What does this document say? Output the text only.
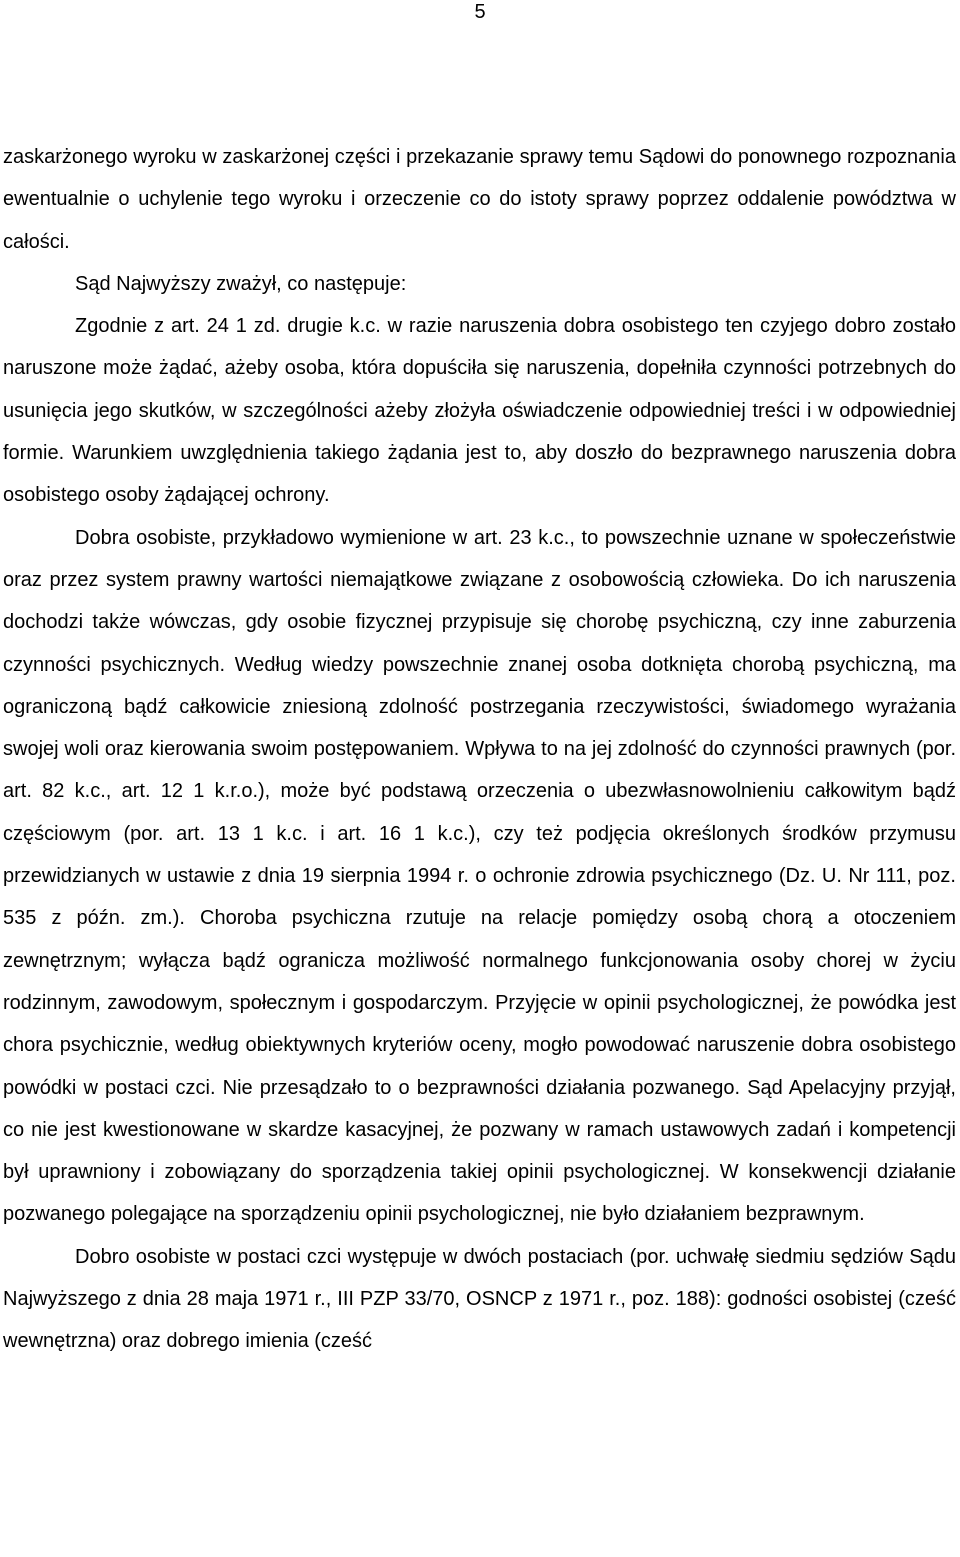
5

zaskarżonego wyroku w zaskarżonej części i przekazanie sprawy temu Sądowi do ponownego rozpoznania ewentualnie o uchylenie tego wyroku i orzeczenie co do istoty sprawy poprzez oddalenie powództwa w całości.

Sąd Najwyższy zważył, co następuje:

Zgodnie z art. 24 1 zd. drugie k.c. w razie naruszenia dobra osobistego ten czyjego dobro zostało naruszone może żądać, ażeby osoba, która dopuściła się naruszenia, dopełniła czynności potrzebnych do usunięcia jego skutków, w szczególności ażeby złożyła oświadczenie odpowiedniej treści i w odpowiedniej formie. Warunkiem uwzględnienia takiego żądania jest to, aby doszło do bezprawnego naruszenia dobra osobistego osoby żądającej ochrony.

Dobra osobiste, przykładowo wymienione w art. 23 k.c., to powszechnie uznane w społeczeństwie oraz przez system prawny wartości niemajątkowe związane z osobowością człowieka. Do ich naruszenia dochodzi także wówczas, gdy osobie fizycznej przypisuje się chorobę psychiczną, czy inne zaburzenia czynności psychicznych. Według wiedzy powszechnie znanej osoba dotknięta chorobą psychiczną, ma ograniczoną bądź całkowicie zniesioną zdolność postrzegania rzeczywistości, świadomego wyrażania swojej woli oraz kierowania swoim postępowaniem. Wpływa to na jej zdolność do czynności prawnych (por. art. 82 k.c., art. 12 1 k.r.o.), może być podstawą orzeczenia o ubezwłasnowolnieniu całkowitym bądź częściowym (por. art. 13 1 k.c. i art. 16 1 k.c.), czy też podjęcia określonych środków przymusu przewidzianych w ustawie z dnia 19 sierpnia 1994 r. o ochronie zdrowia psychicznego (Dz. U. Nr 111, poz. 535 z późn. zm.). Choroba psychiczna rzutuje na relacje pomiędzy osobą chorą a otoczeniem zewnętrznym; wyłącza bądź ogranicza możliwość normalnego funkcjonowania osoby chorej w życiu rodzinnym, zawodowym, społecznym i gospodarczym. Przyjęcie w opinii psychologicznej, że powódka jest chora psychicznie, według obiektywnych kryteriów oceny, mogło powodować naruszenie dobra osobistego powódki w postaci czci. Nie przesądzało to o bezprawności działania pozwanego. Sąd Apelacyjny przyjął, co nie jest kwestionowane w skardze kasacyjnej, że pozwany w ramach ustawowych zadań i kompetencji był uprawniony i zobowiązany do sporządzenia takiej opinii psychologicznej. W konsekwencji działanie pozwanego polegające na sporządzeniu opinii psychologicznej, nie było działaniem bezprawnym.

Dobro osobiste w postaci czci występuje w dwóch postaciach (por. uchwałę siedmiu sędziów Sądu Najwyższego z dnia 28 maja 1971 r., III PZP 33/70, OSNCP z 1971 r., poz. 188): godności osobistej (cześć wewnętrzna) oraz dobrego imienia (cześć
